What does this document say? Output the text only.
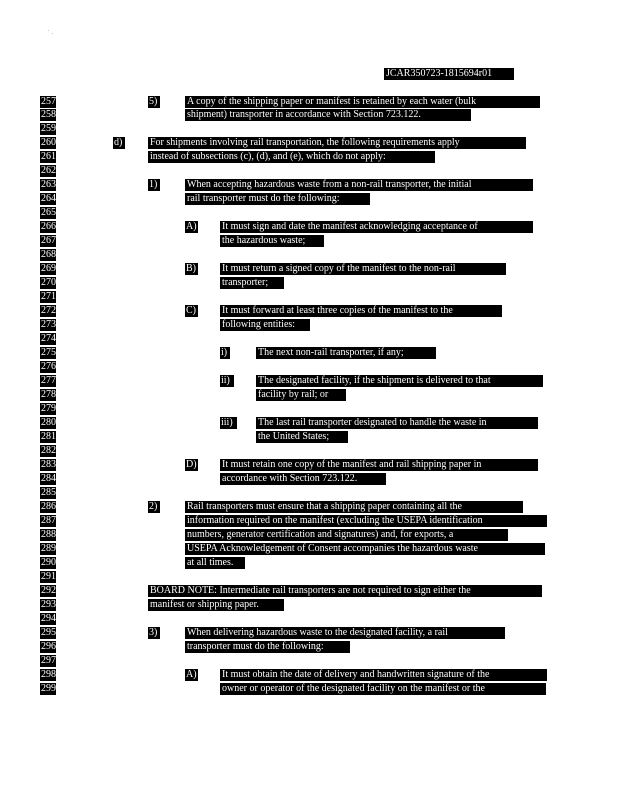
JCAR350723-1815694r01
257
258
259
260
261
262
263
264
265
266
267
268
269
270
271
272
273
274
275
276
277
278
279
280
281
282
283
284
285
286
287
288
289
290
291
292
293
294
295
296
297
298
299
5)	A copy of the shipping paper or manifest is retained by each water (bulk
shipment) transporter in accordance with Section 723.122.
d)	For shipments involving rail transportation, the following requirements apply
instead of subsections (c), (d), and (e), which do not apply:
1)	When accepting hazardous waste from a non-rail transporter, the initial
rail transporter must do the following:
A)	It must sign and date the manifest acknowledging acceptance of
the hazardous waste;
B)	It must return a signed copy of the manifest to the non-rail
transporter;
C)	It must forward at least three copies of the manifest to the
following entities:
i)	The next non-rail transporter, if any;
ii)	The designated facility, if the shipment is delivered to that
facility by rail; or
iii)	The last rail transporter designated to handle the waste in
the United States;
D)	It must retain one copy of the manifest and rail shipping paper in
accordance with Section 723.122.
2)	Rail transporters must ensure that a shipping paper containing all the
information required on the manifest (excluding the USEPA identification
numbers, generator certification and signatures) and, for exports, a
USEPA Acknowledgement of Consent accompanies the hazardous waste
at all times.
BOARD NOTE: Intermediate rail transporters are not required to sign either the
manifest or shipping paper.
3)	When delivering hazardous waste to the designated facility, a rail
transporter must do the following:
A)	It must obtain the date of delivery and handwritten signature of the
owner or operator of the designated facility on the manifest or the
